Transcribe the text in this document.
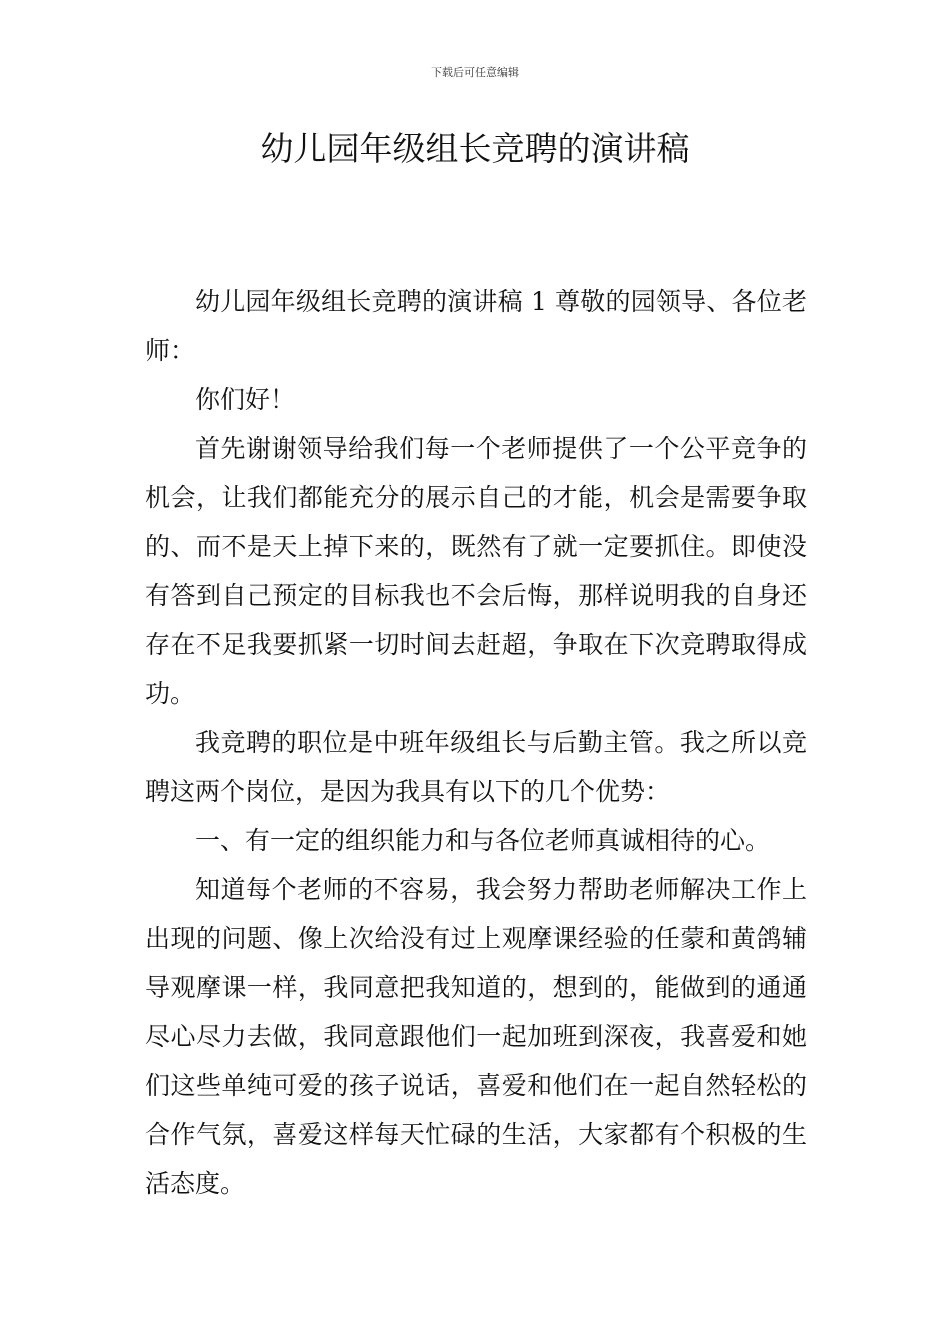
下载后可任意编辑
幼儿园年级组长竞聘的演讲稿

幼儿园年级组长竞聘的演讲稿 1 尊敬的园领导、各位老师：

你们好！

首先谢谢领导给我们每一个老师提供了一个公平竞争的机会，让我们都能充分的展示自己的才能，机会是需要争取的、而不是天上掉下来的，既然有了就一定要抓住。即使没有答到自己预定的目标我也不会后悔，那样说明我的自身还存在不足我要抓紧一切时间去赶超，争取在下次竞聘取得成功。

我竞聘的职位是中班年级组长与后勤主管。我之所以竞聘这两个岗位，是因为我具有以下的几个优势：

一、有一定的组织能力和与各位老师真诚相待的心。

知道每个老师的不容易，我会努力帮助老师解决工作上出现的问题、像上次给没有过上观摩课经验的任蒙和黄鸽辅导观摩课一样，我同意把我知道的，想到的，能做到的通通尽心尽力去做，我同意跟他们一起加班到深夜，我喜爱和她们这些单纯可爱的孩子说话，喜爱和他们在一起自然轻松的合作气氛，喜爱这样每天忙碌的生活，大家都有个积极的生活态度。
